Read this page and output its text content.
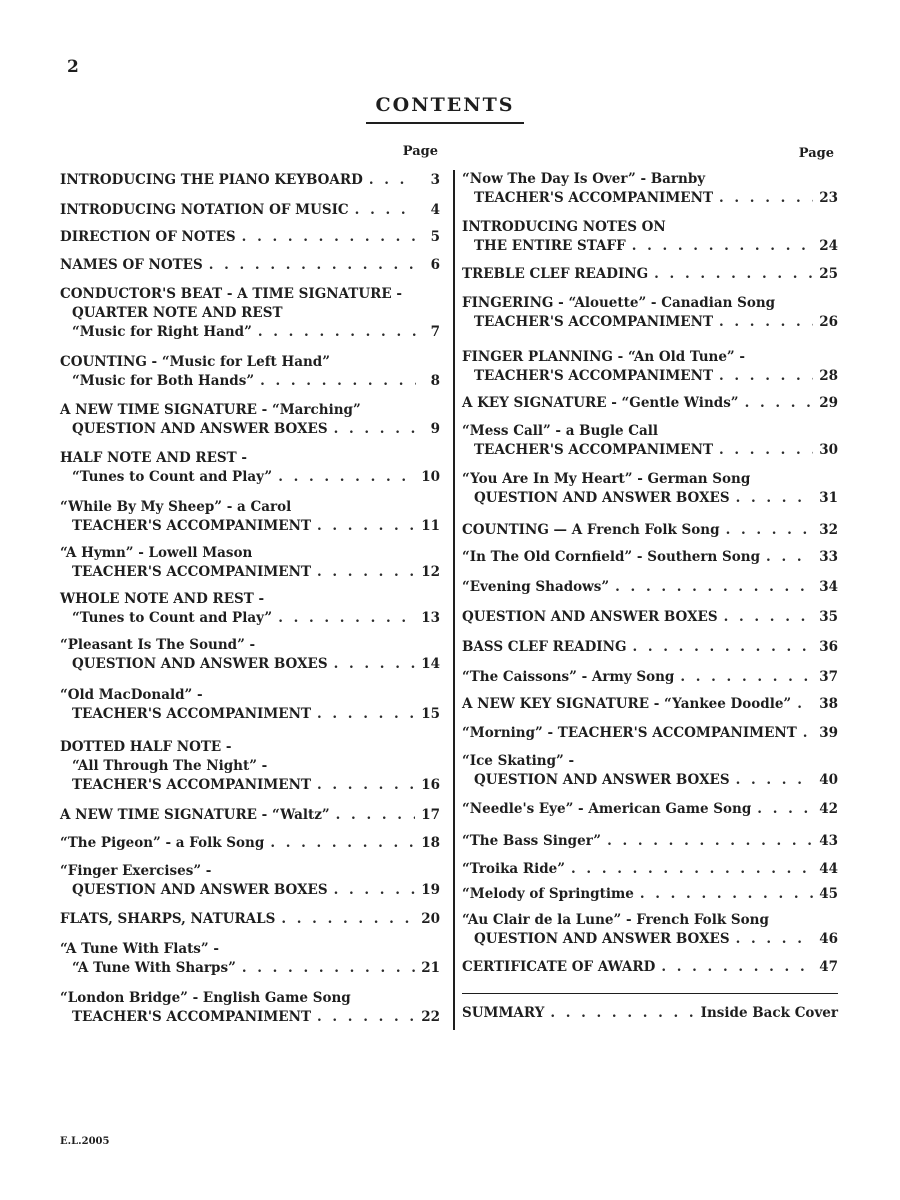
2
CONTENTS
Page
INTRODUCING THE PIANO KEYBOARD . . .	3
INTRODUCING NOTATION OF MUSIC . . .	4
DIRECTION OF NOTES . . .	5
NAMES OF NOTES . . .	6
CONDUCTOR'S BEAT - A TIME SIGNATURE -
QUARTER NOTE AND REST
“Music for Right Hand” . . .	7
COUNTING - “Music for Left Hand”
“Music for Both Hands” . . .	8
A NEW TIME SIGNATURE - “Marching”
QUESTION AND ANSWER BOXES . . .	9
HALF NOTE AND REST -
“Tunes to Count and Play” . . .	10
“While By My Sheep” - a Carol
TEACHER'S ACCOMPANIMENT . . .	11
“A Hymn” - Lowell Mason
TEACHER'S ACCOMPANIMENT . . .	12
WHOLE NOTE AND REST -
“Tunes to Count and Play” . . .	13
“Pleasant Is The Sound” -
QUESTION AND ANSWER BOXES . . .	14
“Old MacDonald” -
TEACHER'S ACCOMPANIMENT . . .	15
DOTTED HALF NOTE -
“All Through The Night” -
TEACHER'S ACCOMPANIMENT . . .	16
A NEW TIME SIGNATURE - “Waltz” . . .	17
“The Pigeon” - a Folk Song . . .	18
“Finger Exercises” -
QUESTION AND ANSWER BOXES . . .	19
FLATS, SHARPS, NATURALS . . .	20
“A Tune With Flats” -
“A Tune With Sharps” . . .	21
“London Bridge” - English Game Song
TEACHER'S ACCOMPANIMENT . . .	22
Page
“Now The Day Is Over” - Barnby
TEACHER'S ACCOMPANIMENT . . .	23
INTRODUCING NOTES ON
THE ENTIRE STAFF . . .	24
TREBLE CLEF READING . . .	25
FINGERING - “Alouette” - Canadian Song
TEACHER'S ACCOMPANIMENT . . .	26
FINGER PLANNING - “An Old Tune” -
TEACHER'S ACCOMPANIMENT . . .	28
A KEY SIGNATURE - “Gentle Winds” . . .	29
“Mess Call” - a Bugle Call
TEACHER'S ACCOMPANIMENT . . .	30
“You Are In My Heart” - German Song
QUESTION AND ANSWER BOXES . . .	31
COUNTING — A French Folk Song . . .	32
“In The Old Cornfield” - Southern Song . . .	33
“Evening Shadows” . . .	34
QUESTION AND ANSWER BOXES . . .	35
BASS CLEF READING . . .	36
“The Caissons” - Army Song . . .	37
A NEW KEY SIGNATURE - “Yankee Doodle” . . . 38
“Morning” - TEACHER'S ACCOMPANIMENT . . . 39
“Ice Skating” -
QUESTION AND ANSWER BOXES . . .	40
“Needle's Eye” - American Game Song . . .	42
“The Bass Singer” . . .	43
“Troika Ride” . . .	44
“Melody of Springtime . . .	45
“Au Clair de la Lune” - French Folk Song
QUESTION AND ANSWER BOXES . . .	46
CERTIFICATE OF AWARD . . .	47
SUMMARY . . .	Inside Back Cover
E.L.2005
